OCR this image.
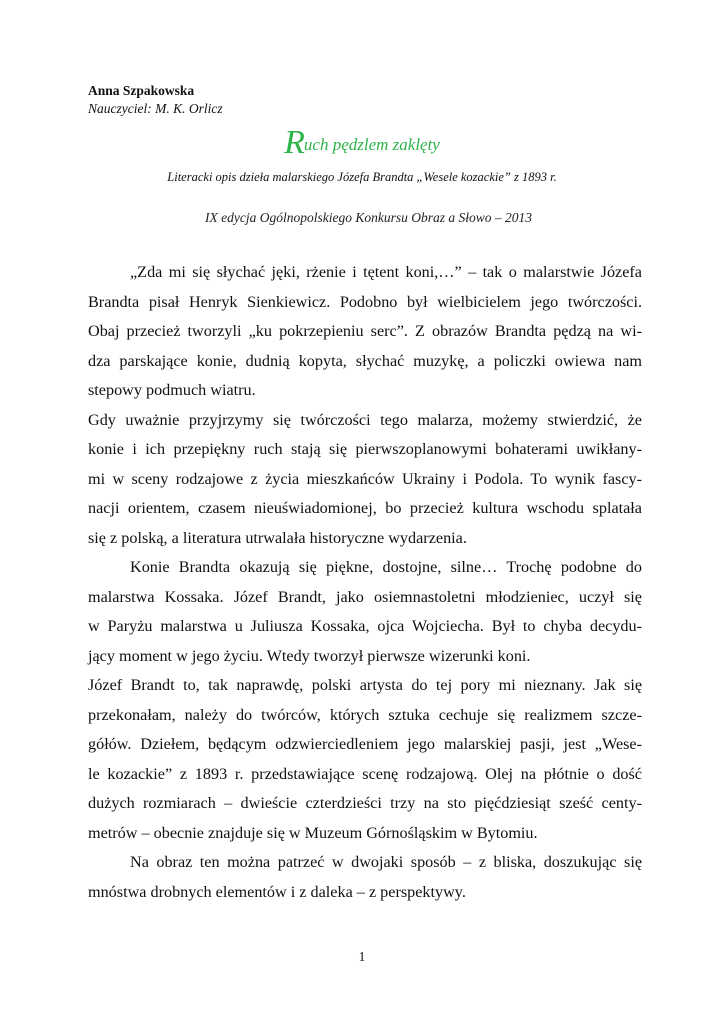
Anna Szpakowska
Nauczyciel: M. K. Orlicz
Ruch pędzlem zaklęty
Literacki opis dzieła malarskiego Józefa Brandta „Wesele kozackie” z 1893 r.
IX edycja Ogólnopolskiego Konkursu Obraz a Słowo – 2013
„Zda mi się słychać jęki, rżenie i tętent koni,…” – tak o malarstwie Józefa
Brandta pisał Henryk Sienkiewicz. Podobno był wielbicielem jego twórczości.
Obaj przecież tworzyli „ku pokrzepieniu serc”. Z obrazów Brandta pędzą na wi-
dza parskające konie, dudnią kopyta, słychać muzykę, a policzki owiewa nam
stepowy podmuch wiatru.
Gdy uważnie przyjrzymy się twórczości tego malarza, możemy stwierdzić, że
konie i ich przepiękny ruch stają się pierwszoplanowymi bohaterami uwikłany-
mi w sceny rodzajowe z życia mieszkańców Ukrainy i Podola. To wynik fascy-
nacji orientem, czasem nieuświadomionej, bo przecież kultura wschodu splatała
się z polską, a literatura utrwalała historyczne wydarzenia.
Konie Brandta okazują się piękne, dostojne, silne… Trochę podobne do
malarstwa Kossaka. Józef Brandt, jako osiemnastoletni młodzieniec, uczył się
w Paryżu malarstwa u Juliusza Kossaka, ojca Wojciecha. Był to chyba decydu-
jący moment w jego życiu. Wtedy tworzył pierwsze wizerunki koni.
Józef Brandt to, tak naprawdę, polski artysta do tej pory mi nieznany. Jak się
przekonałam, należy do twórców, których sztuka cechuje się realizmem szcze-
gółów. Dziełem, będącym odzwierciedleniem jego malarskiej pasji, jest „Wese-
le kozackie” z 1893 r. przedstawiające scenę rodzajową. Olej na płótnie o dość
dużych rozmiarach – dwieście czterdzieści trzy na sto pięćdziesiąt sześć centy-
metrów – obecnie znajduje się w Muzeum Górnośląskim w Bytomiu.
Na obraz ten można patrzeć w dwojaki sposób – z bliska, doszukując się
mnóstwa drobnych elementów i z daleka – z perspektywy.
1
